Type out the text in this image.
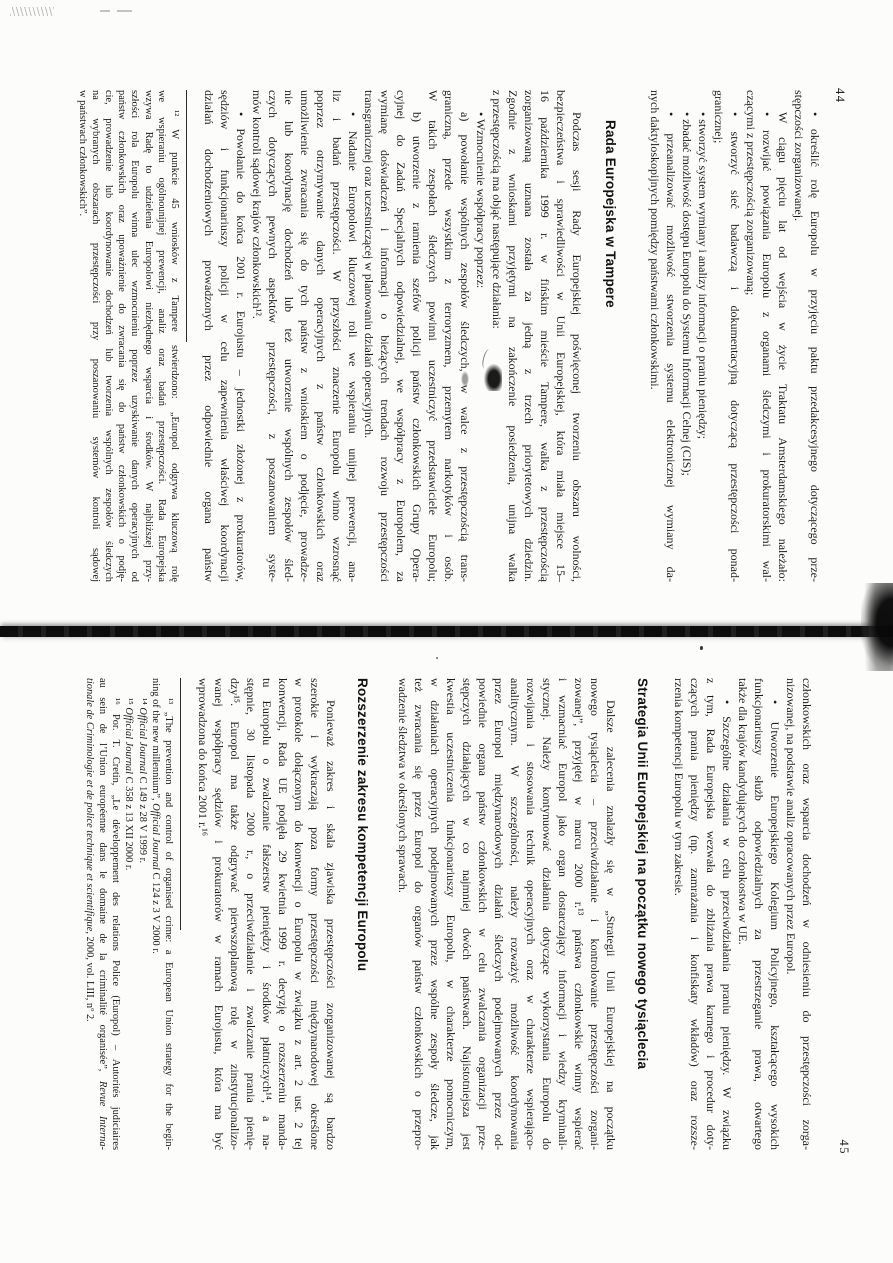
44
• określić rolę Europolu w przyjęciu paktu przedakcesyjnego dotyczącego prze-
stępczości zorganizowanej.
W ciągu pięciu lat od wejścia w życie Traktatu Amsterdamskiego należało:
• rozwijać powiązania Europolu z organami śledczymi i prokuratorskimi wal-
czącymi z przestępczością zorganizowaną;
• stworzyć sieć badawczą i dokumentacyjną dotyczącą przestępczości ponad-
granicznej;
• stworzyć system wymiany i analizy informacji o praniu pieniędzy;
• zbadać możliwość dostępu Europolu do Systemu Informacji Celnej (CIS);
• przeanalizować możliwość stworzenia systemu elektronicznej wymiany da-
nych daktyloskopijnych pomiędzy państwami członkowskimi.
Rada Europejska w Tampere
Podczas sesji Rady Europejskiej poświęconej tworzeniu obszaru wolności,
bezpieczeństwa i sprawiedliwości w Unii Europejskiej, która miała miejsce 15–
16 października 1999 r. w fińskim mieście Tampere, walka z przestępczością
zorganizowaną uznana została za jedną z trzech priorytetowych dziedzin.
Zgodnie z wnioskami przyjętymi na zakończenie posiedzenia, unijna walka
z przestępczością ma objąć następujące działania:
• Wzmocnienie współpracy poprzez:
a) powołanie wspólnych zespołów śledczych, w walce z przestępczością trans-
graniczną, przede wszystkim z terroryzmem, przemytem narkotyków i osób.
W takich zespołach śledczych powinni uczestniczyć przedstawiciele Europolu;
b) utworzenie z ramienia szefów policji państw członkowskich Grupy Opera-
cyjnej do Zadań Specjalnych odpowiedzialnej, we współpracy z Europolem, za
wymianę doświadczeń i informacji o bieżących trendach rozwoju przestępczości
transgranicznej oraz uczestniczącej w planowaniu działań operacyjnych.
• Nadanie Europolowi kluczowej roli we wspieraniu unijnej prewencji, ana-
liz i badań przestępczości. W przyszłości znaczenie Europolu winno wzrosnąć
poprzez otrzymywanie danych operacyjnych z państw członkowskich oraz
umożliwienie zwracania się do tych państw z wnioskiem o podjęcie, prowadze-
nie lub koordynację dochodzeń lub też utworzenie wspólnych zespołów śled-
czych dotyczących pewnych aspektów przestępczości, z poszanowaniem syste-
mów kontroli sądowej krajów członkowskich¹².
• Powołanie do końca 2001 r. Eurojustu – jednostki złożonej z prokuratorów,
sędziów i funkcjonariuszy policji w celu zapewnienia właściwej koordynacji
działań dochodzeniowych prowadzonych przez odpowiednie organa państw
¹² W punkcie 45 wniosków z Tampere stwierdzono: „Europol odgrywa kluczową rolę
we wspieraniu ogólnounijnej prewencji, analiz oraz badań przestępczości. Rada Europejska
wzywa Radę to udzielenia Europolowi niezbędnego wsparcia i środków. W najbliższej przy-
szłości rola Europolu winna ulec wzmocnieniu poprzez uzyskiwanie danych operacyjnych od
państw członkowskich oraz upoważnienie do zwracania się do państw członkowskich o podję-
cie, prowadzenie lub koordynowanie dochodzeń lub tworzenia wspólnych zespołów śledczych
na wybranych obszarach przestępczości przy poszanowaniu systemów kontroli sądowej
w państwach członkowskich”.
45
członkowskich oraz wsparcia dochodzeń w odniesieniu do przestępczości zorga-
nizowanej, na podstawie analiz opracowanych przez Europol.
• Utworzenie Europejskiego Kolegium Policyjnego, kształcącego wysokich
funkcjonariuszy służb odpowiedzialnych za przestrzeganie prawa, otwartego
także dla krajów kandydujących do członkostwa w UE.
• Szczególne działania w celu przeciwdziałania praniu pieniędzy. W związku
z tym, Rada Europejska wezwała do zbliżania prawa karnego i procedur doty-
czących prania pieniędzy (np. zamrażania i konfiskaty wkładów) oraz rozsze-
rzenia kompetencji Europolu w tym zakresie.
Strategia Unii Europejskiej na początku nowego tysiąclecia
Dalsze zalecenia znalazły się w „Strategii Unii Europejskiej na początku
nowego tysiąclecia – przeciwdziałanie i kontrolowanie przestępczości zorgani-
zowanej”, przyjętej w marcu 2000 r.¹³ państwa członkowskie winny wspierać
i wzmacniać Europol jako organ dostarczający informacji i wiedzy kryminali-
stycznej. Należy kontynuować działania dotyczące wykorzystania Europolu do
rozwijania i stosowania technik operacyjnych oraz w charakterze wspierająco-
analitycznym. W szczególności, należy rozważyć możliwość koordynowania
przez Europol międzynarodowych działań śledczych podejmowanych przez od-
powiednie organa państw członkowskich w celu zwalczania organizacji prze-
stępczych działających w co najmniej dwóch państwach. Najistotniejsza jest
kwestia uczestniczenia funkcjonariuszy Europolu, w charakterze pomocniczym,
w działaniach operacyjnych podejmowanych przez wspólne zespoły śledcze, jak
też zwracania się przez Europol do organów państw członkowskich o przepro-
wadzenie śledztwa w określonych sprawach.
Rozszerzenie zakresu kompetencji Europolu
Ponieważ zakres i skala zjawiska przestępczości zorganizowanej są bardzo
szerokie i wykraczają poza formy przestępczości międzynarodowej określone
w protokole dołączonym do konwencji o Europolu w związku z art. 2 ust. 2 tej
konwencji, Rada UE podjęła 29 kwietnia 1999 r. decyzję o rozszerzeniu manda-
tu Europolu o zwalczanie fałszerstw pieniędzy i środków płatniczych¹⁴, a na-
stępnie, 30 listopada 2000 r., o przeciwdziałanie i zwalczanie prania pienię-
dzy¹⁵. Europol ma także odgrywać pierwszoplanową rolę w zinstytucjonalizo-
wanej współpracy sędziów i prokuratorów w ramach Eurojustu, która ma być
wprowadzona do końca 2001 r.¹⁶
¹³ „The prevention and control of organised crime: a European Union strategy for the begin-
ning of the new millennium”, Official Journal C 124 z 3 V 2000 r.
¹⁴ Official Journal C 149 z 28 V 1999 r.
¹⁵ Official Journal C 358 z 13 XII 2000 r.
¹⁶ Por. T. Cretin, „Le développement des relations Police (Europol) – Autorités judiciaires
au sein de l’Union européenne dans le domaine de la criminalité organisée”, Revue Interna-
tionale de Criminologie et de police technique et scientifique, 2000, vol. LIII, nº 2.
